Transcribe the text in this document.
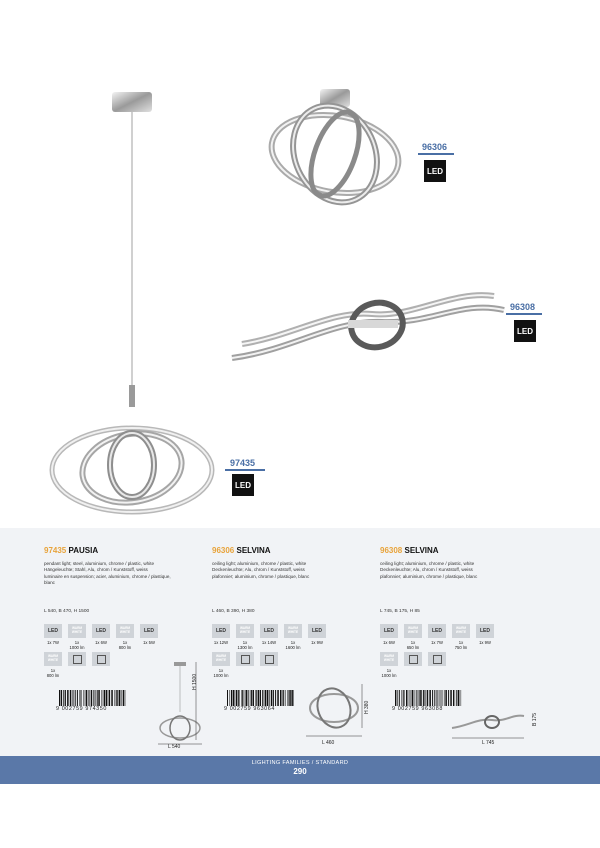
97435
LED
96306
LED
96308
LED
97435 PAUSIA
pendant light; steel, aluminium, chrome / plastic, white
Hängeleuchte; Stahl, Alu, chrom / Kunststoff, weiss
luminaire en suspension; acier, aluminium, chrome / plastique,
blanc
L 540, B 470, H 1500
96306 SELVINA
ceiling light; aluminium, chrome / plastic, white
Deckenleuchte; Alu, chrom / Kunststoff, weiss
plafonnier; aluminium, chrome / plastique, blanc
L 460, B 390, H 380
96308 SELVINA
ceiling light; aluminium, chrome / plastic, white
Deckenleuchte; Alu, chrom / Kunststoff, weiss
plafonnier; aluminium, chrome / plastique, blanc
L 745, B 175, H 85
LED
1x 7W
WARM WHITE
1x
1000 lm
LED
1x 6W
WARM WHITE
1x
800 lm
LED
1x 5W
WARM WHITE
1x
800 lm
LED
1x 12W
WARM WHITE
1x
1300 lm
LED
1x 14W
WARM WHITE
1x
1600 lm
LED
1x 9W
WARM WHITE
1x
1000 lm
LED
1x 6W
WARM WHITE
1x
650 lm
LED
1x 7W
WARM WHITE
1x
750 lm
LED
1x 9W
WARM WHITE
1x
1000 lm
9 002759 974350	9 002759 963064	9 002759 963088
H 1500
L 540
H 380
L 460
B 175
L 745
LIGHTING FAMILIES / STANDARD
290
